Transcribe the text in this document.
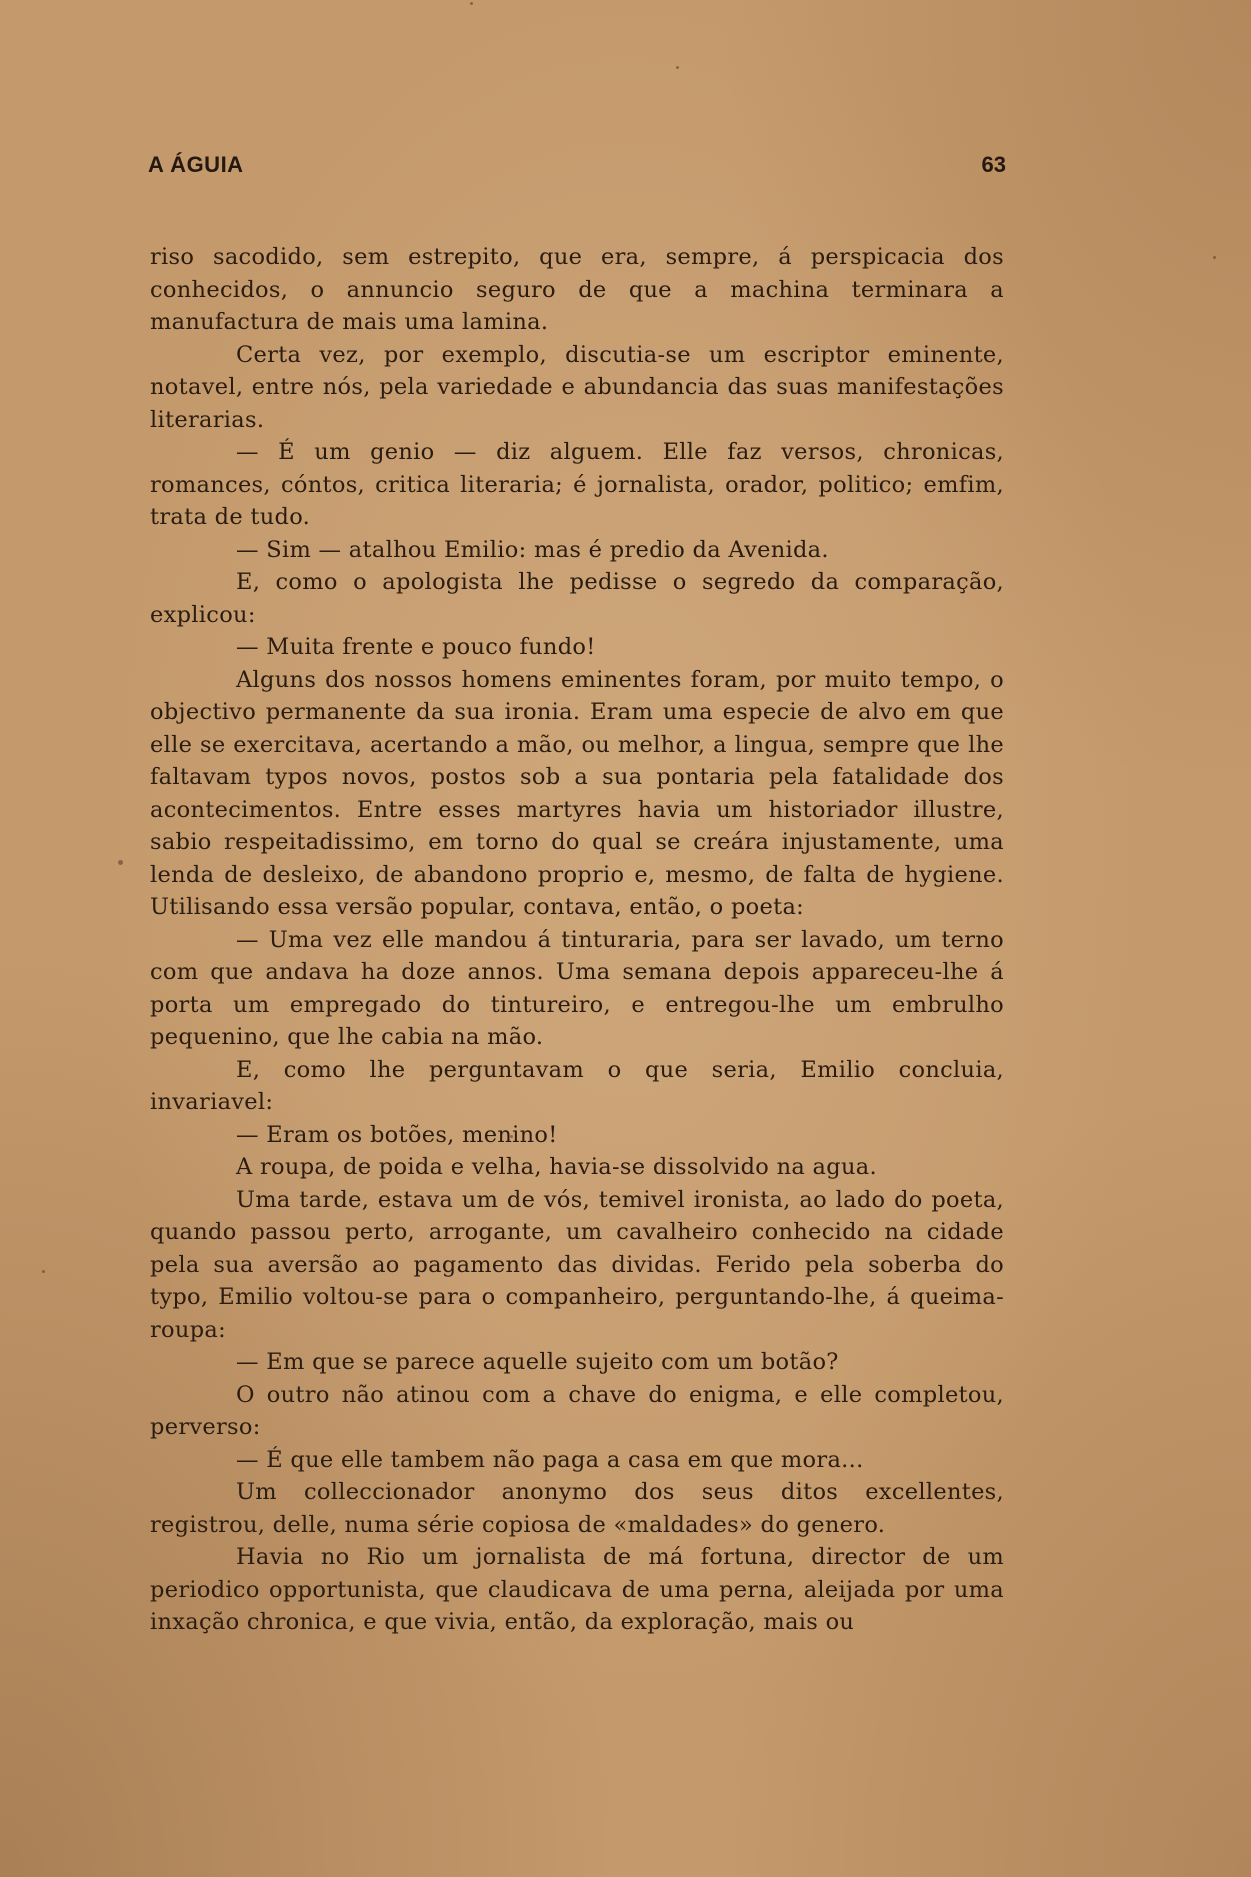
A ÁGUIA	63

riso sacodido, sem estrepito, que era, sempre, á perspicacia dos conhecidos, o annuncio seguro de que a machina terminara a manufactura de mais uma lamina.

Certa vez, por exemplo, discutia-se um escriptor eminente, notavel, entre nós, pela variedade e abundancia das suas manifestações literarias.

— É um genio — diz alguem. Elle faz versos, chronicas, romances, cóntos, critica literaria; é jornalista, orador, politico; emfim, trata de tudo.

— Sim — atalhou Emilio: mas é predio da Avenida.

E, como o apologista lhe pedisse o segredo da comparação, explicou:

— Muita frente e pouco fundo!

Alguns dos nossos homens eminentes foram, por muito tempo, o objectivo permanente da sua ironia. Eram uma especie de alvo em que elle se exercitava, acertando a mão, ou melhor, a lingua, sempre que lhe faltavam typos novos, postos sob a sua pontaria pela fatalidade dos acontecimentos. Entre esses martyres havia um historiador illustre, sabio respeitadissimo, em torno do qual se creára injustamente, uma lenda de desleixo, de abandono proprio e, mesmo, de falta de hygiene. Utilisando essa versão popular, contava, então, o poeta:

— Uma vez elle mandou á tinturaria, para ser lavado, um terno com que andava ha doze annos. Uma semana depois appareceu-lhe á porta um empregado do tintureiro, e entregou-lhe um embrulho pequenino, que lhe cabia na mão.

E, como lhe perguntavam o que seria, Emilio concluia, invariavel:

— Eram os botões, menino!

A roupa, de poida e velha, havia-se dissolvido na agua.

Uma tarde, estava um de vós, temivel ironista, ao lado do poeta, quando passou perto, arrogante, um cavalheiro conhecido na cidade pela sua aversão ao pagamento das dividas. Ferido pela soberba do typo, Emilio voltou-se para o companheiro, perguntando-lhe, á queima-roupa:

— Em que se parece aquelle sujeito com um botão?

O outro não atinou com a chave do enigma, e elle completou, perverso:

— É que elle tambem não paga a casa em que mora...

Um colleccionador anonymo dos seus ditos excellentes, registrou, delle, numa série copiosa de «maldades» do genero.

Havia no Rio um jornalista de má fortuna, director de um periodico opportunista, que claudicava de uma perna, aleijada por uma inxação chronica, e que vivia, então, da exploração, mais ou
